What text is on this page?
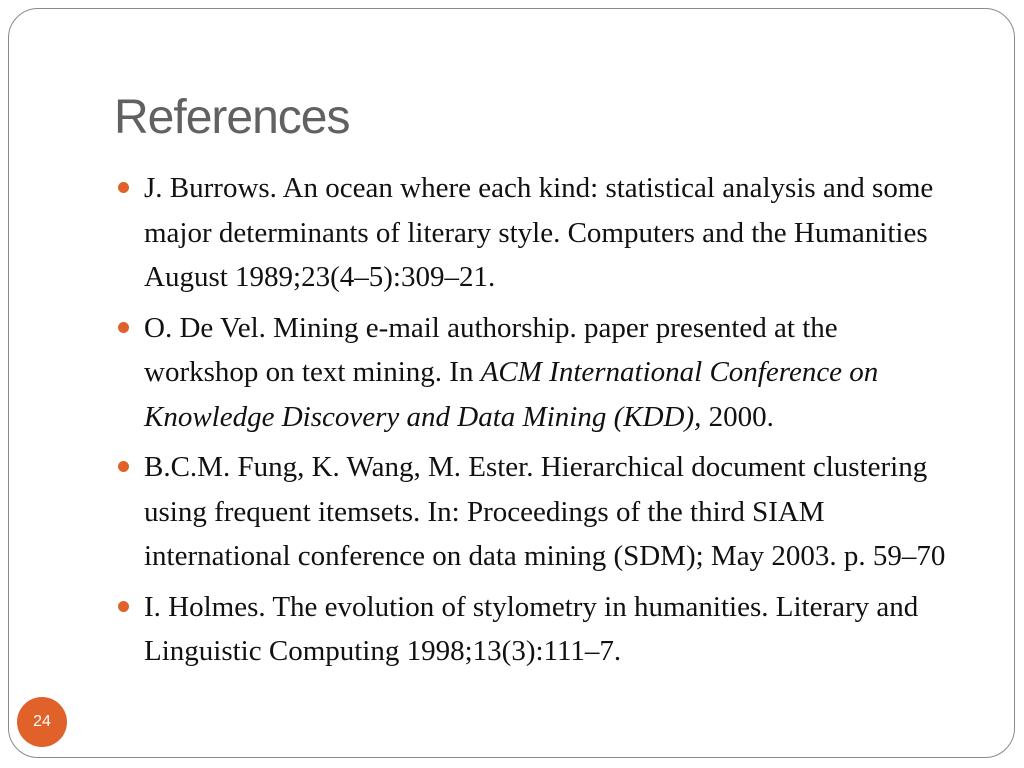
References
J. Burrows. An ocean where each kind: statistical analysis and some major determinants of literary style. Computers and the Humanities August 1989;23(4–5):309–21.
O. De Vel. Mining e-mail authorship. paper presented at the workshop on text mining. In ACM International Conference on Knowledge Discovery and Data Mining (KDD), 2000.
B.C.M. Fung, K. Wang, M. Ester. Hierarchical document clustering using frequent itemsets. In: Proceedings of the third SIAM international conference on data mining (SDM); May 2003. p. 59–70
I. Holmes. The evolution of stylometry in humanities. Literary and Linguistic Computing 1998;13(3):111–7.
24
